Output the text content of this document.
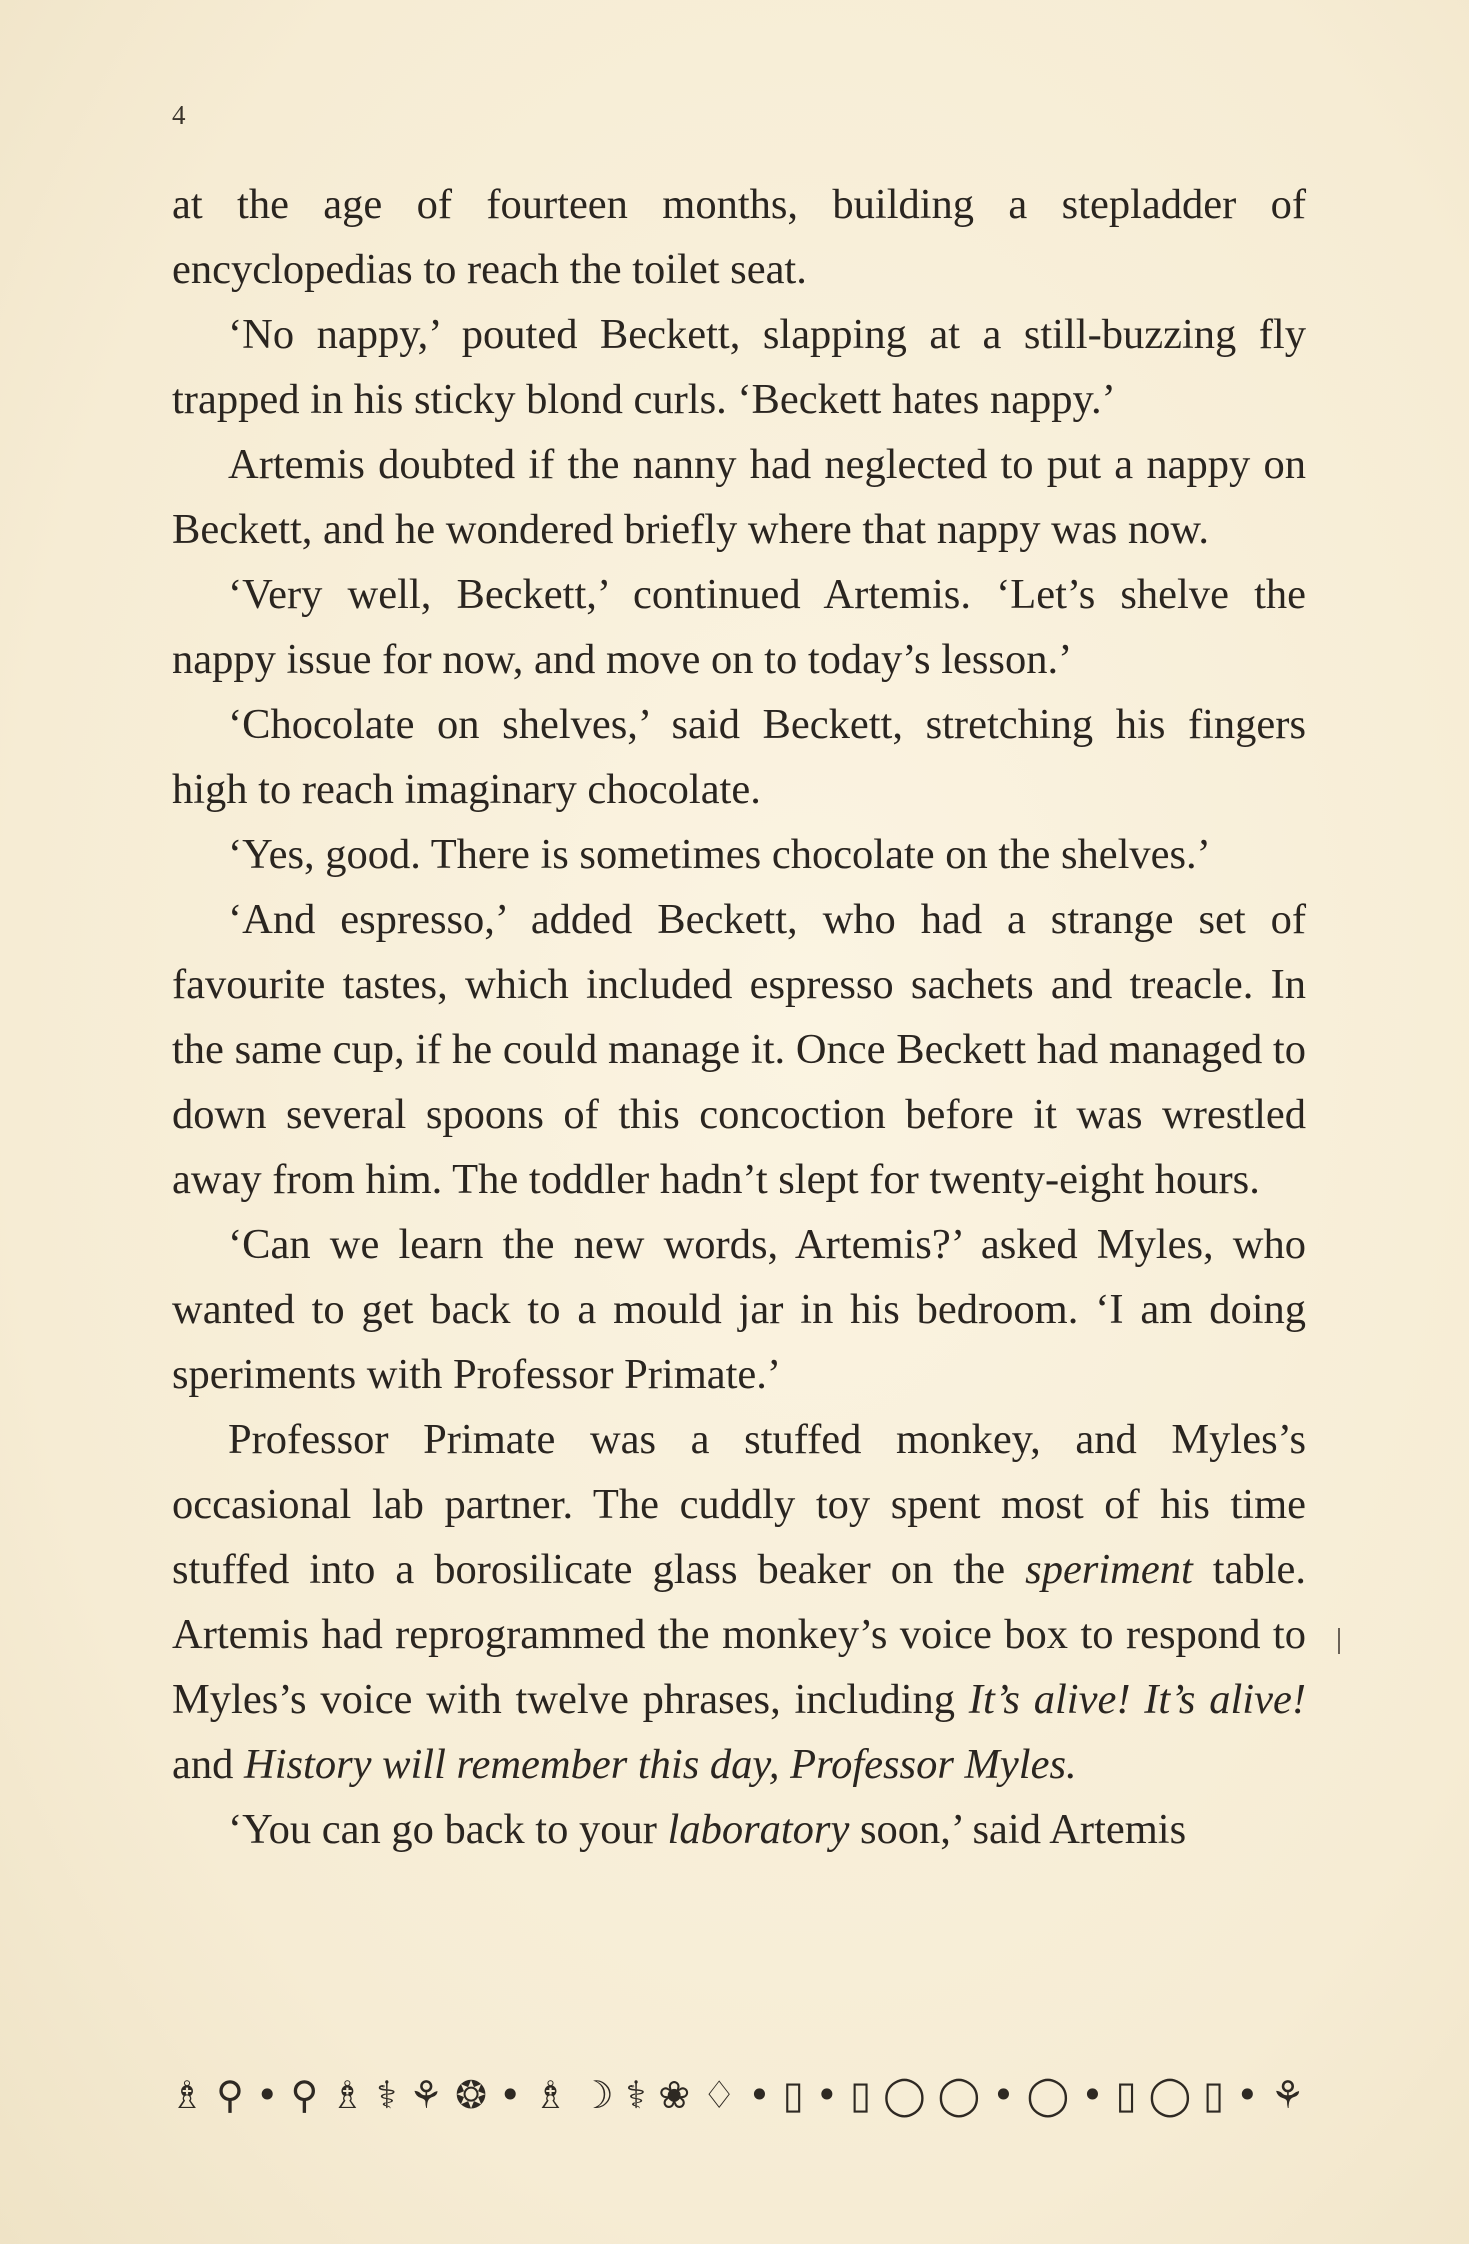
4

at the age of fourteen months, building a stepladder of encyclopedias to reach the toilet seat.

‘No nappy,’ pouted Beckett, slapping at a still-buzzing fly trapped in his sticky blond curls. ‘Beckett hates nappy.’

Artemis doubted if the nanny had neglected to put a nappy on Beckett, and he wondered briefly where that nappy was now.

‘Very well, Beckett,’ continued Artemis. ‘Let’s shelve the nappy issue for now, and move on to today’s lesson.’

‘Chocolate on shelves,’ said Beckett, stretching his fingers high to reach imaginary chocolate.

‘Yes, good. There is sometimes chocolate on the shelves.’

‘And espresso,’ added Beckett, who had a strange set of favourite tastes, which included espresso sachets and treacle. In the same cup, if he could manage it. Once Beckett had managed to down several spoons of this concoction before it was wrestled away from him. The toddler hadn’t slept for twenty-eight hours.

‘Can we learn the new words, Artemis?’ asked Myles, who wanted to get back to a mould jar in his bedroom. ‘I am doing speriments with Professor Primate.’

Professor Primate was a stuffed monkey, and Myles’s occasional lab partner. The cuddly toy spent most of his time stuffed into a borosilicate glass beaker on the speriment table. Artemis had reprogrammed the monkey’s voice box to respond to Myles’s voice with twelve phrases, including It’s alive! It’s alive! and History will remember this day, Professor Myles.

‘You can go back to your laboratory soon,’ said Artemis

♗ ⚲ • ⚲ ♗ ⚕ ⚘ ❂ • ♗ ☽ ⚕ ❀ ♢ • ▯ • ▯ ◯ ◯ • ◯ • ▯ ◯ ▯ • ⚘
